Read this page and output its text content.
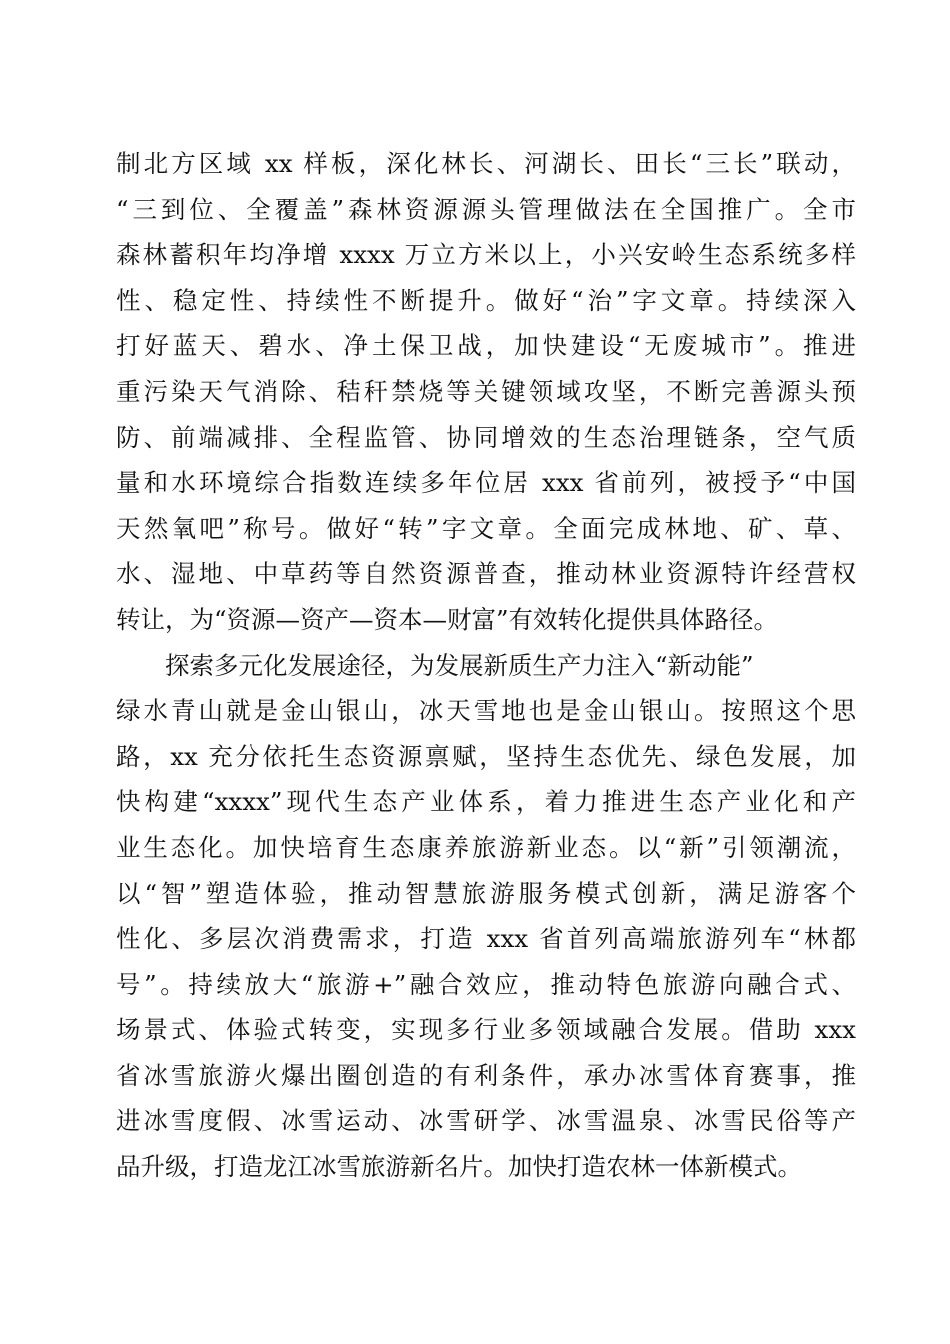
制北方区域 xx 样板，深化林长、河湖长、田长“三长”联动，
“三到位、全覆盖”森林资源源头管理做法在全国推广。全市
森林蓄积年均净增 xxxx 万立方米以上，小兴安岭生态系统多样
性、稳定性、持续性不断提升。做好“治”字文章。持续深入
打好蓝天、碧水、净土保卫战，加快建设“无废城市”。推进
重污染天气消除、秸秆禁烧等关键领域攻坚，不断完善源头预
防、前端减排、全程监管、协同增效的生态治理链条，空气质
量和水环境综合指数连续多年位居 xxx 省前列，被授予“中国
天然氧吧”称号。做好“转”字文章。全面完成林地、矿、草、
水、湿地、中草药等自然资源普查，推动林业资源特许经营权
转让，为“资源—资产—资本—财富”有效转化提供具体路径。
探索多元化发展途径，为发展新质生产力注入“新动能”
绿水青山就是金山银山，冰天雪地也是金山银山。按照这个思
路，xx 充分依托生态资源禀赋，坚持生态优先、绿色发展，加
快构建“xxxx”现代生态产业体系，着力推进生态产业化和产
业生态化。加快培育生态康养旅游新业态。以“新”引领潮流，
以“智”塑造体验，推动智慧旅游服务模式创新，满足游客个
性化、多层次消费需求，打造 xxx 省首列高端旅游列车“林都
号”。持续放大“旅游+”融合效应，推动特色旅游向融合式、
场景式、体验式转变，实现多行业多领域融合发展。借助 xxx
省冰雪旅游火爆出圈创造的有利条件，承办冰雪体育赛事，推
进冰雪度假、冰雪运动、冰雪研学、冰雪温泉、冰雪民俗等产
品升级，打造龙江冰雪旅游新名片。加快打造农林一体新模式。
